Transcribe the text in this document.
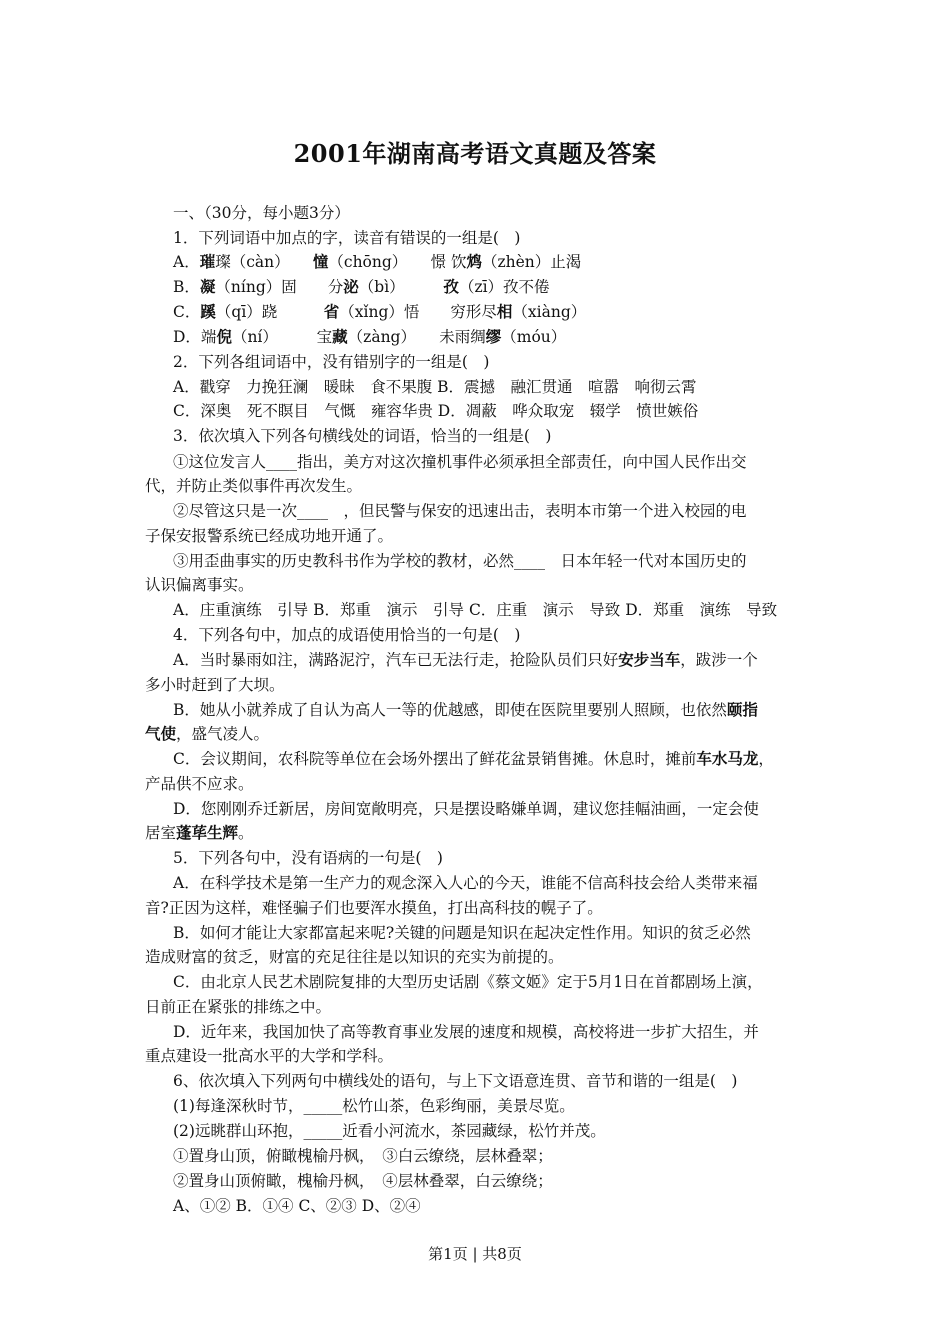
2001年湖南高考语文真题及答案
一、（30分，每小题3分）
1．下列词语中加点的字，读音有错误的一组是(　)
A．璀璨（càn）　　憧（chōng）　　憬 饮鸩（zhèn）止渴
B．凝（níng）固　　分泌（bì）　　　孜（zī）孜不倦
C．蹊（qī）跷　　　省（xǐng）悟　　穷形尽相（xiàng）
D．端倪（ní）　　　宝藏（zàng）　　未雨绸缪（móu）
2．下列各组词语中，没有错别字的一组是(　)
A．戳穿　力挽狂澜　暖昧　食不果腹 B．震撼　融汇贯通　喧嚣　响彻云霄
C．深奥　死不瞑目　气慨　雍容华贵 D．凋蔽　哗众取宠　辍学　愤世嫉俗
3．依次填入下列各句横线处的词语，恰当的一组是(　)
①这位发言人____指出，美方对这次撞机事件必须承担全部责任，向中国人民作出交
代，并防止类似事件再次发生。
②尽管这只是一次____　，但民警与保安的迅速出击，表明本市第一个进入校园的电
子保安报警系统已经成功地开通了。
③用歪曲事实的历史教科书作为学校的教材，必然____　日本年轻一代对本国历史的
认识偏离事实。
A．庄重演练　引导 B．郑重　演示　引导 C．庄重　演示　导致 D．郑重　演练　导致
4．下列各句中，加点的成语使用恰当的一句是(　)
A．当时暴雨如注，满路泥泞，汽车已无法行走，抢险队员们只好安步当车，跋涉一个
多小时赶到了大坝。
B．她从小就养成了自认为高人一等的优越感，即使在医院里要别人照顾，也依然颐指
气使，盛气凌人。
C．会议期间，农科院等单位在会场外摆出了鲜花盆景销售摊。休息时，摊前车水马龙，
产品供不应求。
D．您刚刚乔迁新居，房间宽敞明亮，只是摆设略嫌单调，建议您挂幅油画，一定会使
居室蓬荜生辉。
5．下列各句中，没有语病的一句是(　)
A．在科学技术是第一生产力的观念深入人心的今天，谁能不信高科技会给人类带来福
音?正因为这样，难怪骗子们也要浑水摸鱼，打出高科技的幌子了。
B．如何才能让大家都富起来呢?关键的问题是知识在起决定性作用。知识的贫乏必然
造成财富的贫乏，财富的充足往往是以知识的充实为前提的。
C．由北京人民艺术剧院复排的大型历史话剧《蔡文姬》定于5月1日在首都剧场上演，
日前正在紧张的排练之中。
D．近年来，我国加快了高等教育事业发展的速度和规模，高校将进一步扩大招生，并
重点建设一批高水平的大学和学科。
6、依次填入下列两句中横线处的语句，与上下文语意连贯、音节和谐的一组是(　)
(1)每逢深秋时节，_____松竹山茶，色彩绚丽，美景尽览。
(2)远眺群山环抱，_____近看小河流水，茶园藏绿，松竹并茂。
①置身山顶，俯瞰槐榆丹枫，　③白云缭绕，层林叠翠；
②置身山顶俯瞰，槐榆丹枫，　④层林叠翠，白云缭绕；
A、①② B．①④ C、②③ D、②④
第1页 | 共8页
